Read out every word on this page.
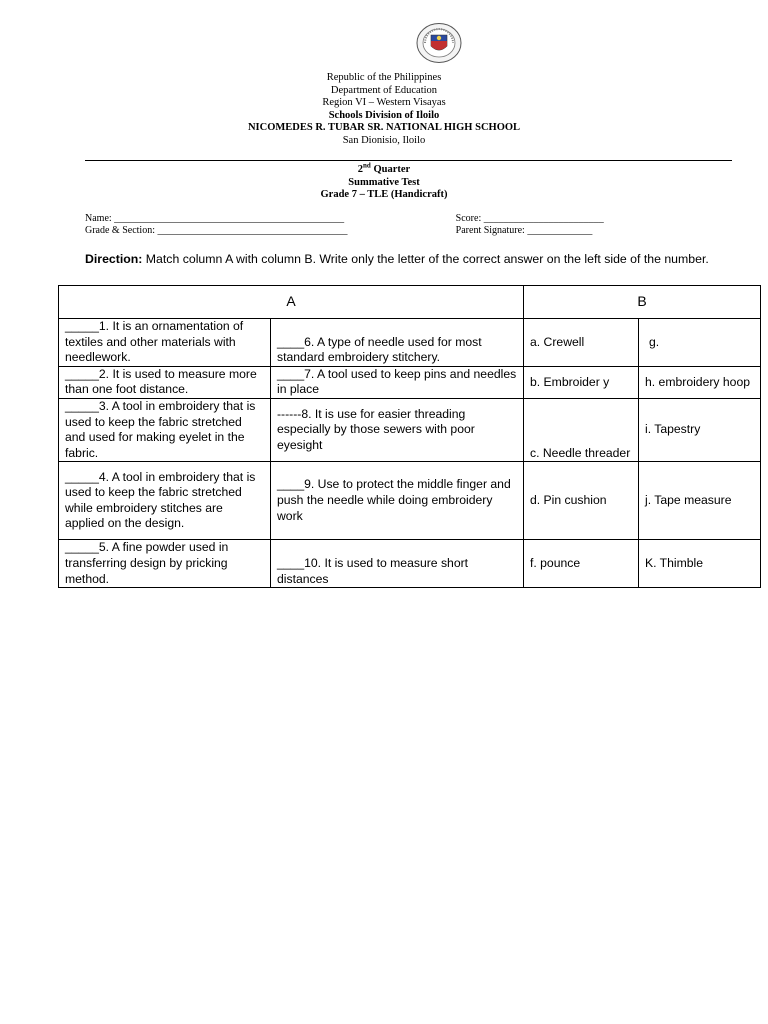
Republic of the Philippines
Department of Education
Region VI – Western Visayas
Schools Division of Iloilo
NICOMEDES R. TUBAR SR. NATIONAL HIGH SCHOOL
San Dionisio, Iloilo
2nd Quarter
Summative Test
Grade 7 – TLE (Handicraft)
Name: ______________________________________________	Score: ________________________
Grade & Section: ______________________________________	Parent Signature: _____________
Direction: Match column A with column B. Write only the letter of the correct answer on the left side of the number.
A		B	
_____1. It is an ornamentation of textiles and other materials with needlework.	____6. A type of needle used for most standard embroidery stitchery.	a. Crewell	g.
_____2. It is used to measure more than one foot distance.	____7. A tool used to keep pins and needles in place	b. Embroider y	h. embroidery hoop
_____3. A tool in embroidery that is used to keep the fabric stretched and used for making eyelet in the fabric.	------8. It is use for easier threading especially by those sewers with poor eyesight	c. Needle threader	i. Tapestry
_____4. A tool in embroidery that is used to keep the fabric stretched while embroidery stitches are applied on the design.	____9. Use to protect the middle finger and push the needle while doing embroidery work	d. Pin cushion	j. Tape measure
_____5. A fine powder used in transferring design by pricking method.	____10. It is used to measure short distances	f. pounce	K. Thimble
